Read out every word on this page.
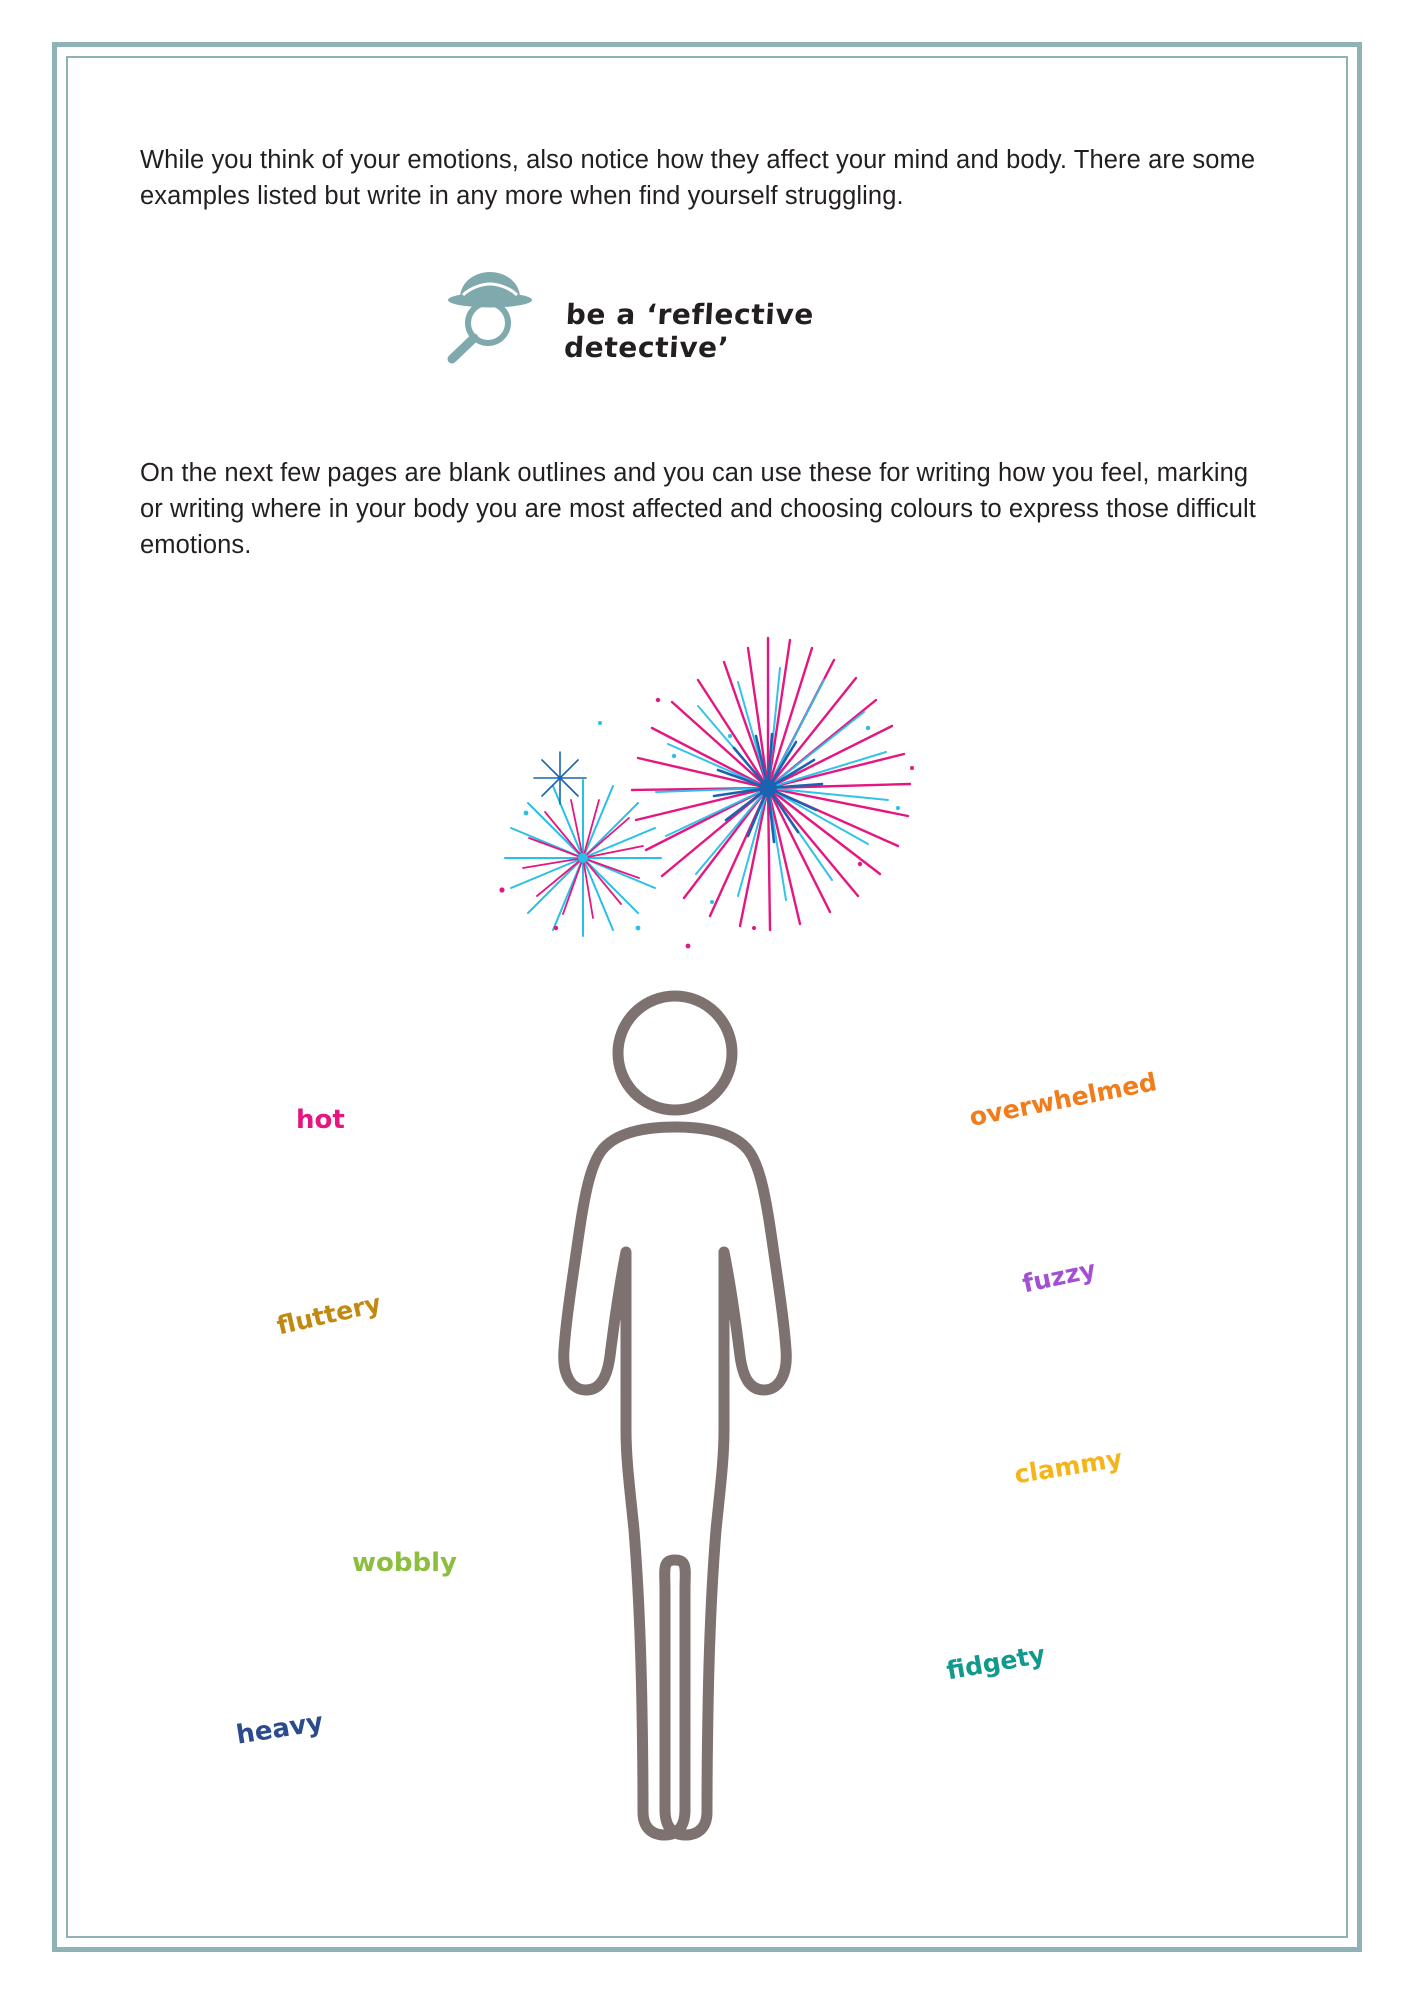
While you think of your emotions, also notice how they affect your mind and body. There are some examples listed but write in any more when find yourself struggling.
be a ‘reflective detective’
On the next few pages are blank outlines and you can use these for writing how you feel, marking or writing where in your body you are most affected and choosing colours to express those difficult emotions.
hot	overwhelmed
fluttery
fuzzy
clammy
wobbly
fidgety
heavy
